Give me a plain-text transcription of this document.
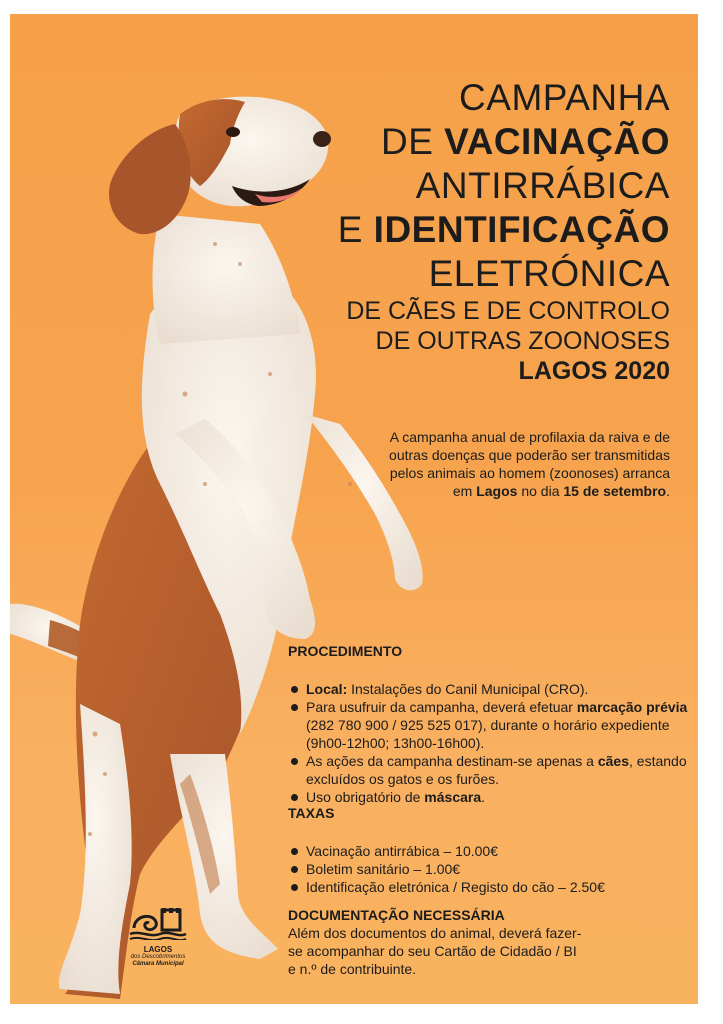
CAMPANHA
DE VACINAÇÃO
ANTIRRÁBICA
E IDENTIFICAÇÃO
ELETRÓNICA
DE CÃES E DE CONTROLO
DE OUTRAS ZOONOSES
LAGOS 2020
A campanha anual de profilaxia da raiva e de outras doenças que poderão ser transmitidas pelos animais ao homem (zoonoses) arranca em Lagos no dia 15 de setembro.
PROCEDIMENTO
Local: Instalações do Canil Municipal (CRO).
Para usufruir da campanha, deverá efetuar marcação prévia (282 780 900 / 925 525 017), durante o horário expediente (9h00-12h00; 13h00-16h00).
As ações da campanha destinam-se apenas a cães, estando excluídos os gatos e os furões.
Uso obrigatório de máscara.
TAXAS
Vacinação antirrábica – 10.00€
Boletim sanitário – 1.00€
Identificação eletrónica / Registo do cão – 2.50€
DOCUMENTAÇÃO NECESSÁRIA
Além dos documentos do animal, deverá fazer-se acompanhar do seu Cartão de Cidadão / BI e n.º de contribuinte.
LAGOS
dos Descobrimentos
Câmara Municipal
